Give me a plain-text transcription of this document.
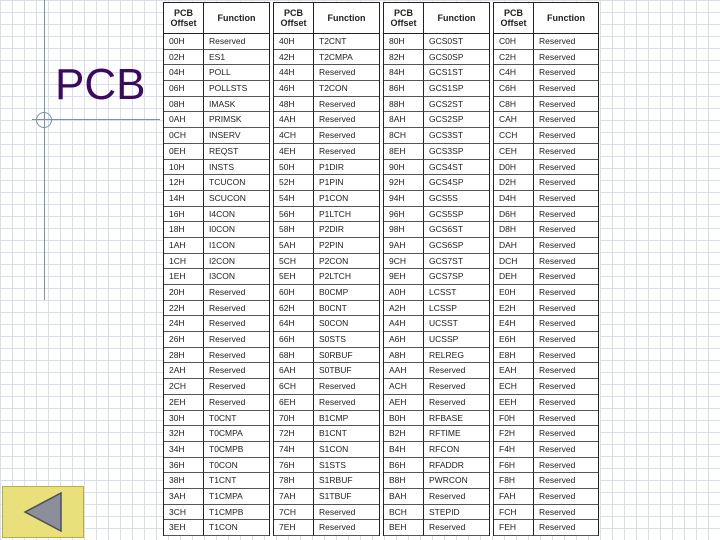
PCB
PCB Offset	Function
00H	Reserved
02H	ES1
04H	POLL
06H	POLLSTS
08H	IMASK
0AH	PRIMSK
0CH	INSERV
0EH	REQST
10H	INSTS
12H	TCUCON
14H	SCUCON
16H	I4CON
18H	I0CON
1AH	I1CON
1CH	I2CON
1EH	I3CON
20H	Reserved
22H	Reserved
24H	Reserved
26H	Reserved
28H	Reserved
2AH	Reserved
2CH	Reserved
2EH	Reserved
30H	T0CNT
32H	T0CMPA
34H	T0CMPB
36H	T0CON
38H	T1CNT
3AH	T1CMPA
3CH	T1CMPB
3EH	T1CON
PCB Offset	Function
40H	T2CNT
42H	T2CMPA
44H	Reserved
46H	T2CON
48H	Reserved
4AH	Reserved
4CH	Reserved
4EH	Reserved
50H	P1DIR
52H	P1PIN
54H	P1CON
56H	P1LTCH
58H	P2DIR
5AH	P2PIN
5CH	P2CON
5EH	P2LTCH
60H	B0CMP
62H	B0CNT
64H	S0CON
66H	S0STS
68H	S0RBUF
6AH	S0TBUF
6CH	Reserved
6EH	Reserved
70H	B1CMP
72H	B1CNT
74H	S1CON
76H	S1STS
78H	S1RBUF
7AH	S1TBUF
7CH	Reserved
7EH	Reserved
PCB Offset	Function
80H	GCS0ST
82H	GCS0SP
84H	GCS1ST
86H	GCS1SP
88H	GCS2ST
8AH	GCS2SP
8CH	GCS3ST
8EH	GCS3SP
90H	GCS4ST
92H	GCS4SP
94H	GCS5S
96H	GCS5SP
98H	GCS6ST
9AH	GCS6SP
9CH	GCS7ST
9EH	GCS7SP
A0H	LCSST
A2H	LCSSP
A4H	UCSST
A6H	UCSSP
A8H	RELREG
AAH	Reserved
ACH	Reserved
AEH	Reserved
B0H	RFBASE
B2H	RFTIME
B4H	RFCON
B6H	RFADDR
B8H	PWRCON
BAH	Reserved
BCH	STEPID
BEH	Reserved
PCB Offset	Function
C0H	Reserved
C2H	Reserved
C4H	Reserved
C6H	Reserved
C8H	Reserved
CAH	Reserved
CCH	Reserved
CEH	Reserved
D0H	Reserved
D2H	Reserved
D4H	Reserved
D6H	Reserved
D8H	Reserved
DAH	Reserved
DCH	Reserved
DEH	Reserved
E0H	Reserved
E2H	Reserved
E4H	Reserved
E6H	Reserved
E8H	Reserved
EAH	Reserved
ECH	Reserved
EEH	Reserved
F0H	Reserved
F2H	Reserved
F4H	Reserved
F6H	Reserved
F8H	Reserved
FAH	Reserved
FCH	Reserved
FEH	Reserved
